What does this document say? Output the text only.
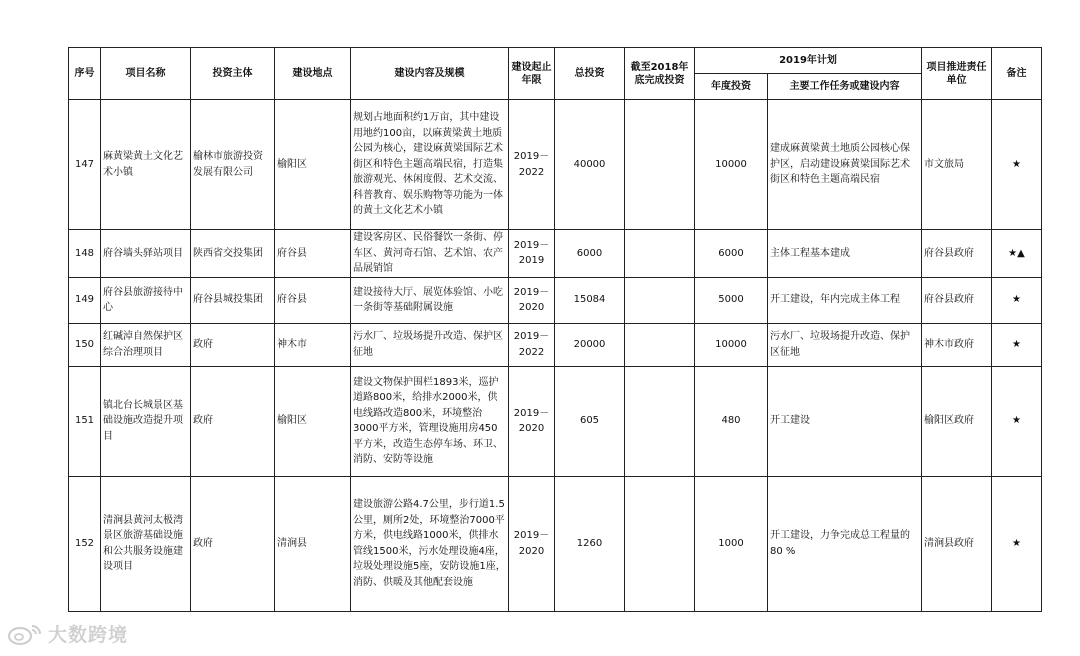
序号	项目名称	投资主体	建设地点	建设内容及规模	建设起止年限	总投资	截至2018年底完成投资	2019年计划		项目推进责任单位	备注
								年度投资	主要工作任务或建设内容		
147	麻黄梁黄土文化艺术小镇	榆林市旅游投资发展有限公司	榆阳区	规划占地面积约1万亩，其中建设用地约100亩，以麻黄梁黄土地质公园为核心，建设麻黄梁国际艺术街区和特色主题高端民宿，打造集旅游观光、休闲度假、艺术交流、科普教育、娱乐购物等功能为一体的黄土文化艺术小镇	2019－2022	40000		10000	建成麻黄梁黄土地质公园核心保护区，启动建设麻黄梁国际艺术街区和特色主题高端民宿	市文旅局	★
148	府谷墙头驿站项目	陕西省交投集团	府谷县	建设客房区、民俗餐饮一条街、停车区、黄河奇石馆、艺术馆、农产品展销馆	2019－2019	6000		6000	主体工程基本建成	府谷县政府	★▲
149	府谷县旅游接待中心	府谷县城投集团	府谷县	建设接待大厅、展览体验馆、小吃一条街等基础附属设施	2019－2020	15084		5000	开工建设，年内完成主体工程	府谷县政府	★
150	红碱淖自然保护区综合治理项目	政府	神木市	污水厂、垃圾场提升改造、保护区征地	2019－2022	20000		10000	污水厂、垃圾场提升改造、保护区征地	神木市政府	★
151	镇北台长城景区基础设施改造提升项目	政府	榆阳区	建设文物保护围栏1893米，巡护道路800米，给排水2000米，供电线路改造800米，环境整治3000平方米，管理设施用房450平方米，改造生态停车场、环卫、消防、安防等设施	2019－2020	605		480	开工建设	榆阳区政府	★
152	清涧县黄河太极湾景区旅游基础设施和公共服务设施建设项目	政府	清涧县	建设旅游公路4.7公里，步行道1.5公里，厕所2处，环境整治7000平方米，供电线路1000米，供排水管线1500米，污水处理设施4座，垃圾处理设施5座，安防设施1座，消防、供暖及其他配套设施	2019－2020	1260		1000	开工建设，力争完成总工程量的80 %	清涧县政府	★
大数跨境
